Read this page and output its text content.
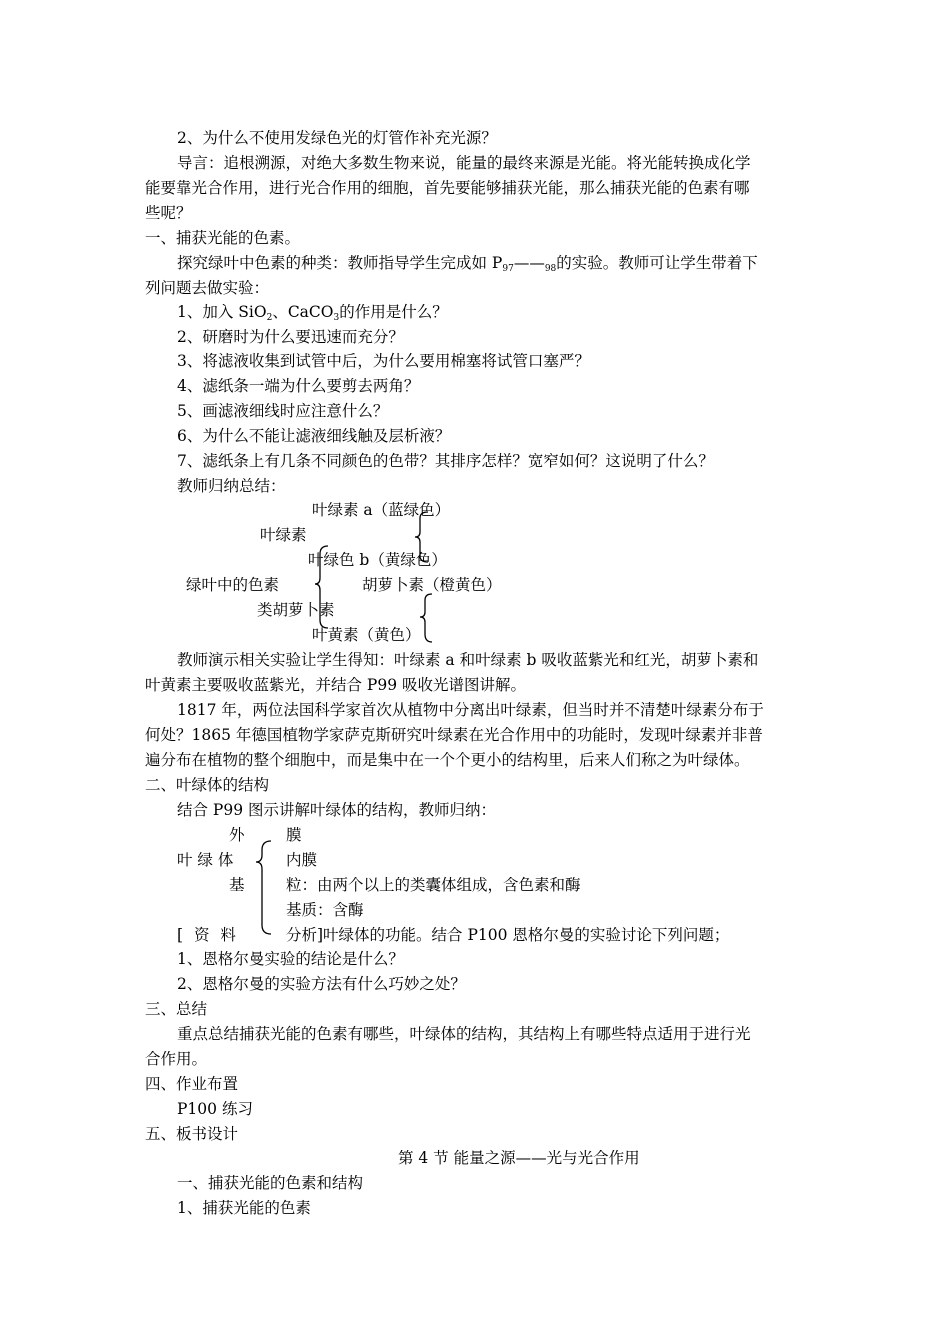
2、为什么不使用发绿色光的灯管作补充光源？
导言：追根溯源，对绝大多数生物来说，能量的最终来源是光能。将光能转换成化学
能要靠光合作用，进行光合作用的细胞，首先要能够捕获光能，那么捕获光能的色素有哪
些呢？
一、捕获光能的色素。
探究绿叶中色素的种类：教师指导学生完成如 $P_{97}——_{98}$的实验。教师可让学生带着下
列问题去做实验：
1、加入 SiO$_2$、CaCO$_3$的作用是什么？
2、研磨时为什么要迅速而充分？
3、将滤液收集到试管中后，为什么要用棉塞将试管口塞严？
4、滤纸条一端为什么要剪去两角？
5、画滤液细线时应注意什么？
6、为什么不能让滤液细线触及层析液？
7、滤纸条上有几条不同颜色的色带？其排序怎样？宽窄如何？这说明了什么？
教师归纳总结：
叶绿素 a（蓝绿色）
叶绿素
叶绿色 b（黄绿色）
绿叶中的色素	胡萝卜素（橙黄色）
类胡萝卜素
叶黄素（黄色）
教师演示相关实验让学生得知：叶绿素 a 和叶绿素 b 吸收蓝紫光和红光，胡萝卜素和
叶黄素主要吸收蓝紫光，并结合 P99 吸收光谱图讲解。
1817 年，两位法国科学家首次从植物中分离出叶绿素，但当时并不清楚叶绿素分布于
何处？1865 年德国植物学家萨克斯研究叶绿素在光合作用中的功能时，发现叶绿素并非普
遍分布在植物的整个细胞中，而是集中在一个个更小的结构里，后来人们称之为叶绿体。
二、叶绿体的结构
结合 P99 图示讲解叶绿体的结构，教师归纳：
外	膜
叶 绿 体	内膜
基	粒：由两个以上的类囊体组成，含色素和酶
基质：含酶
[ 资 料	分析]叶绿体的功能。结合 P100 恩格尔曼的实验讨论下列问题；
1、恩格尔曼实验的结论是什么？
2、恩格尔曼的实验方法有什么巧妙之处？
三、总结
重点总结捕获光能的色素有哪些，叶绿体的结构，其结构上有哪些特点适用于进行光
合作用。
四、作业布置
P100 练习
五、板书设计
第 4 节 能量之源——光与光合作用
一、捕获光能的色素和结构
1、捕获光能的色素
